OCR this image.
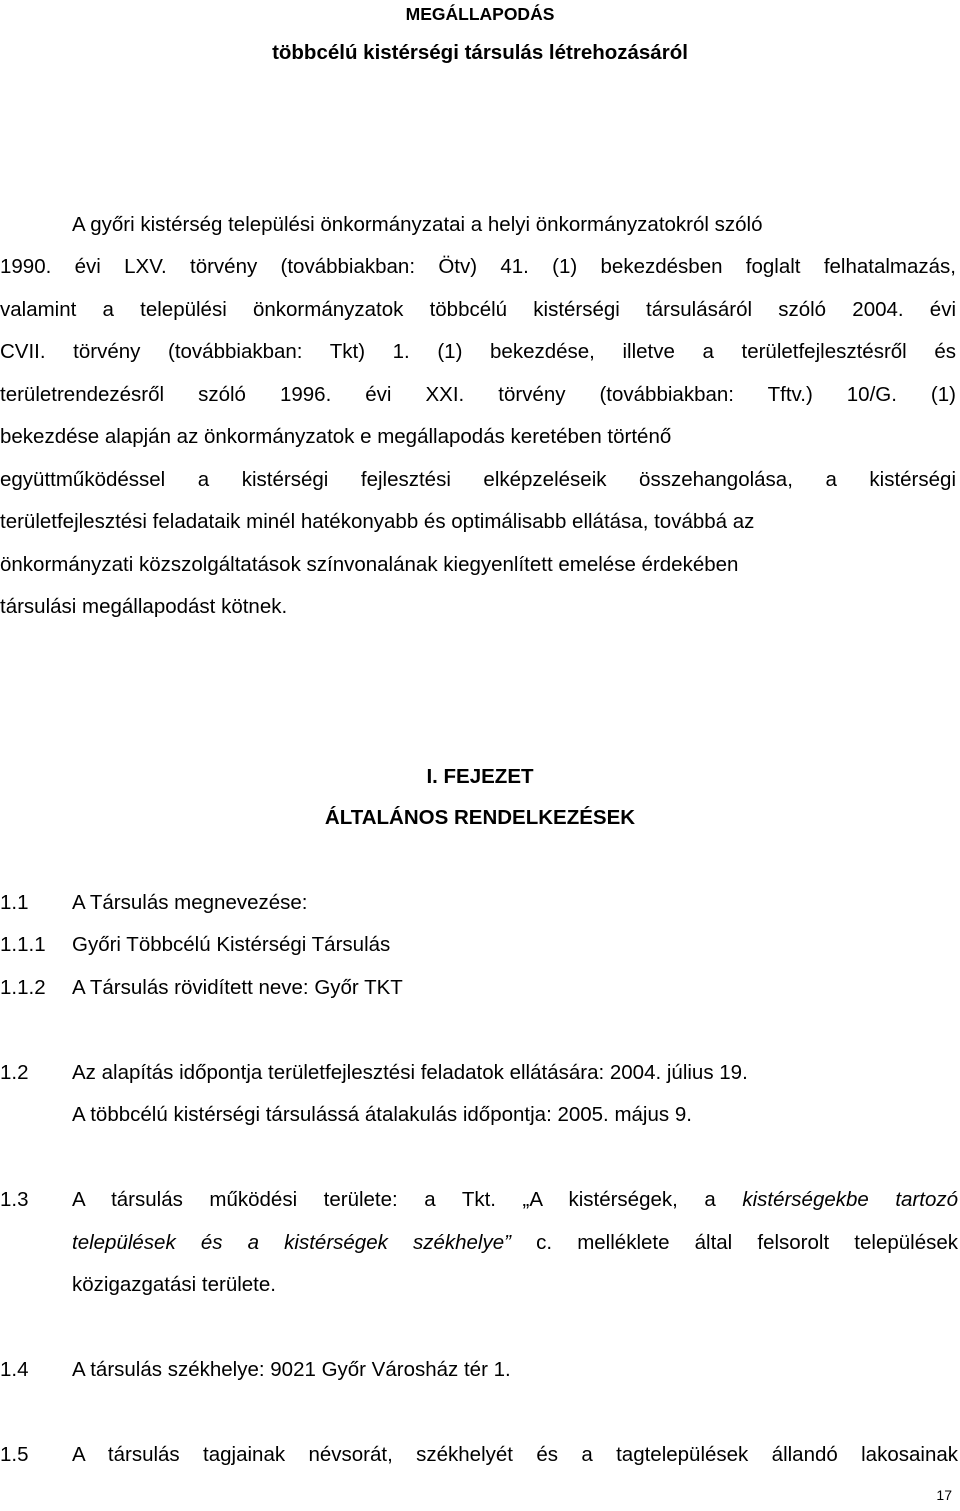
MEGÁLLAPODÁS
többcélú kistérségi társulás létrehozásáról
A győri kistérség települési önkormányzatai a helyi önkormányzatokról szóló
1990. évi LXV. törvény (továbbiakban: Ötv) 41. (1) bekezdésben foglalt felhatalmazás,
valamint a települési önkormányzatok többcélú kistérségi társulásáról szóló 2004. évi
CVII. törvény (továbbiakban: Tkt) 1. (1) bekezdése, illetve a területfejlesztésről és
területrendezésről szóló 1996. évi XXI. törvény (továbbiakban: Tftv.) 10/G. (1)
bekezdése alapján az önkormányzatok e megállapodás keretében történő
együttműködéssel a kistérségi fejlesztési elképzeléseik összehangolása, a kistérségi
területfejlesztési feladataik minél hatékonyabb és optimálisabb ellátása, továbbá az
önkormányzati közszolgáltatások színvonalának kiegyenlített emelése érdekében
társulási megállapodást kötnek.
I. FEJEZET
ÁLTALÁNOS RENDELKEZÉSEK
1.1 A Társulás megnevezése:
1.1.1 Győri Többcélú Kistérségi Társulás
1.1.2 A Társulás rövidített neve: Győr TKT
1.2 Az alapítás időpontja területfejlesztési feladatok ellátására: 2004. július 19.
A többcélú kistérségi társulássá átalakulás időpontja: 2005. május 9.
1.3 A társulás működési területe: a Tkt. „A kistérségek, a kistérségekbe tartozó
települések és a kistérségek székhelye” c. melléklete által felsorolt települések
közigazgatási területe.
1.4 A társulás székhelye: 9021 Győr Városház tér 1.
1.5 A társulás tagjainak névsorát, székhelyét és a tagtelepülések állandó lakosainak
17
